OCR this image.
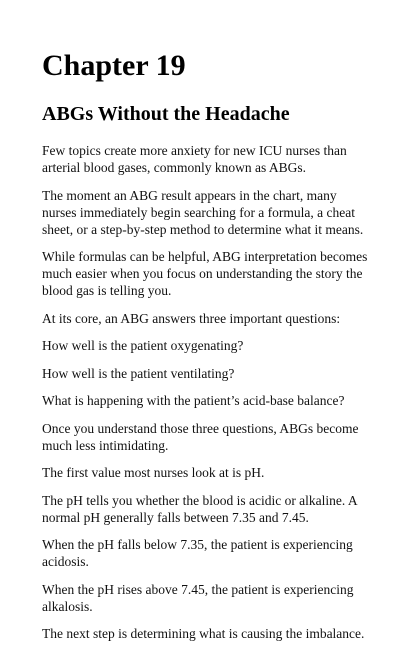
Chapter 19
ABGs Without the Headache

Few topics create more anxiety for new ICU nurses than arterial blood gases, commonly known as ABGs.

The moment an ABG result appears in the chart, many nurses immediately begin searching for a formula, a cheat sheet, or a step-by-step method to determine what it means.

While formulas can be helpful, ABG interpretation becomes much easier when you focus on understanding the story the blood gas is telling you.

At its core, an ABG answers three important questions:

How well is the patient oxygenating?

How well is the patient ventilating?

What is happening with the patient’s acid-base balance?

Once you understand those three questions, ABGs become much less intimidating.

The first value most nurses look at is pH.

The pH tells you whether the blood is acidic or alkaline. A normal pH generally falls between 7.35 and 7.45.

When the pH falls below 7.35, the patient is experiencing acidosis.

When the pH rises above 7.45, the patient is experiencing alkalosis.

The next step is determining what is causing the imbalance.
